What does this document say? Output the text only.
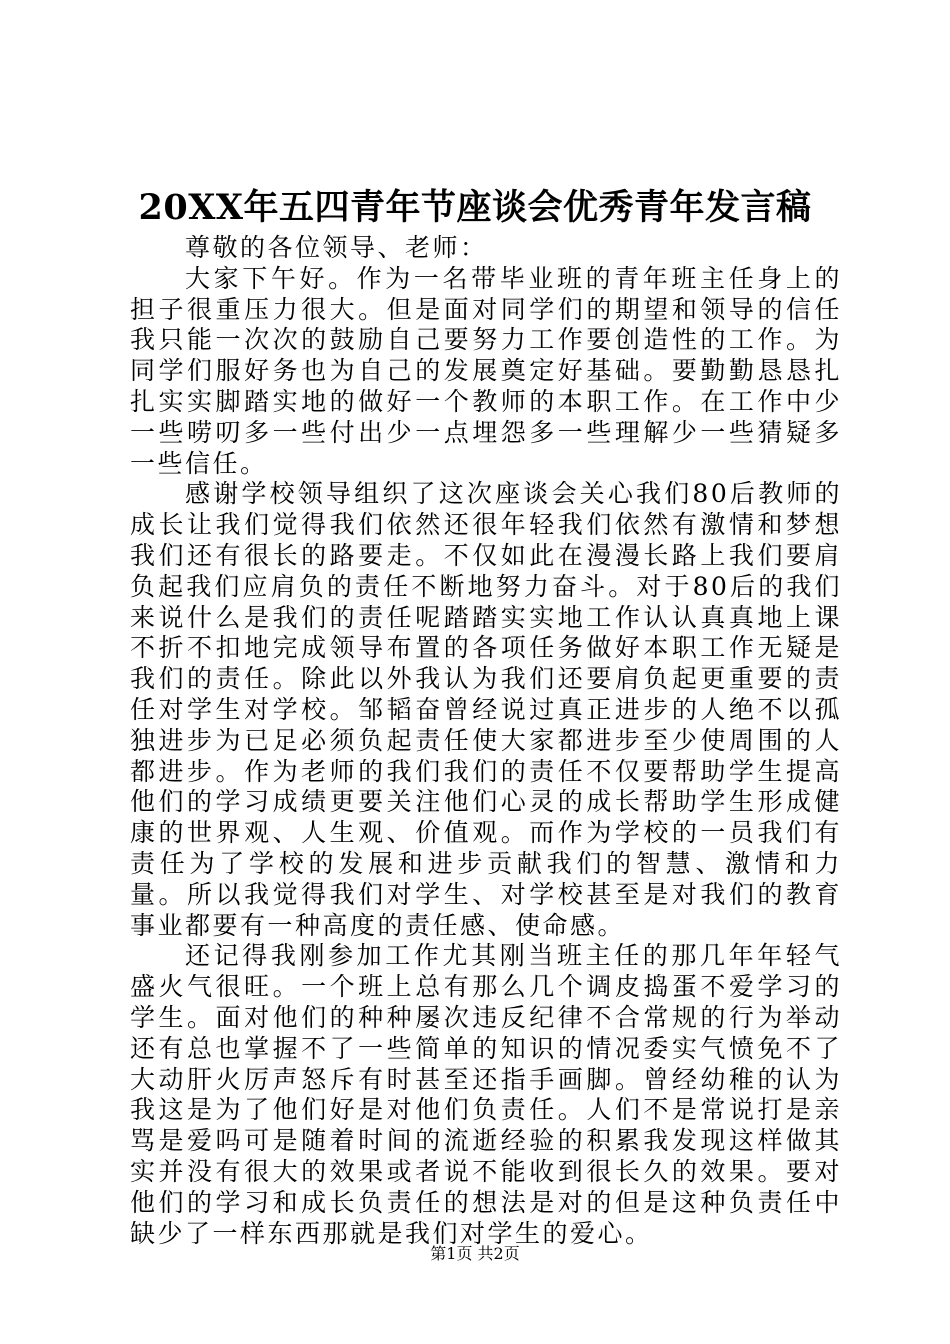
20XX年五四青年节座谈会优秀青年发言稿

尊敬的各位领导、老师：

大家下午好。作为一名带毕业班的青年班主任身上的担子很重压力很大。但是面对同学们的期望和领导的信任我只能一次次的鼓励自己要努力工作要创造性的工作。为同学们服好务也为自己的发展奠定好基础。要勤勤恳恳扎扎实实脚踏实地的做好一个教师的本职工作。在工作中少一些唠叨多一些付出少一点埋怨多一些理解少一些猜疑多一些信任。

感谢学校领导组织了这次座谈会关心我们80后教师的成长让我们觉得我们依然还很年轻我们依然有激情和梦想我们还有很长的路要走。不仅如此在漫漫长路上我们要肩负起我们应肩负的责任不断地努力奋斗。对于80后的我们来说什么是我们的责任呢踏踏实实地工作认认真真地上课不折不扣地完成领导布置的各项任务做好本职工作无疑是我们的责任。除此以外我认为我们还要肩负起更重要的责任对学生对学校。邹韬奋曾经说过真正进步的人绝不以孤独进步为已足必须负起责任使大家都进步至少使周围的人都进步。作为老师的我们我们的责任不仅要帮助学生提高他们的学习成绩更要关注他们心灵的成长帮助学生形成健康的世界观、人生观、价值观。而作为学校的一员我们有责任为了学校的发展和进步贡献我们的智慧、激情和力量。所以我觉得我们对学生、对学校甚至是对我们的教育事业都要有一种高度的责任感、使命感。

还记得我刚参加工作尤其刚当班主任的那几年年轻气盛火气很旺。一个班上总有那么几个调皮捣蛋不爱学习的学生。面对他们的种种屡次违反纪律不合常规的行为举动还有总也掌握不了一些简单的知识的情况委实气愤免不了大动肝火厉声怒斥有时甚至还指手画脚。曾经幼稚的认为我这是为了他们好是对他们负责任。人们不是常说打是亲骂是爱吗可是随着时间的流逝经验的积累我发现这样做其实并没有很大的效果或者说不能收到很长久的效果。要对他们的学习和成长负责任的想法是对的但是这种负责任中缺少了一样东西那就是我们对学生的爱心。

第1页 共2页
